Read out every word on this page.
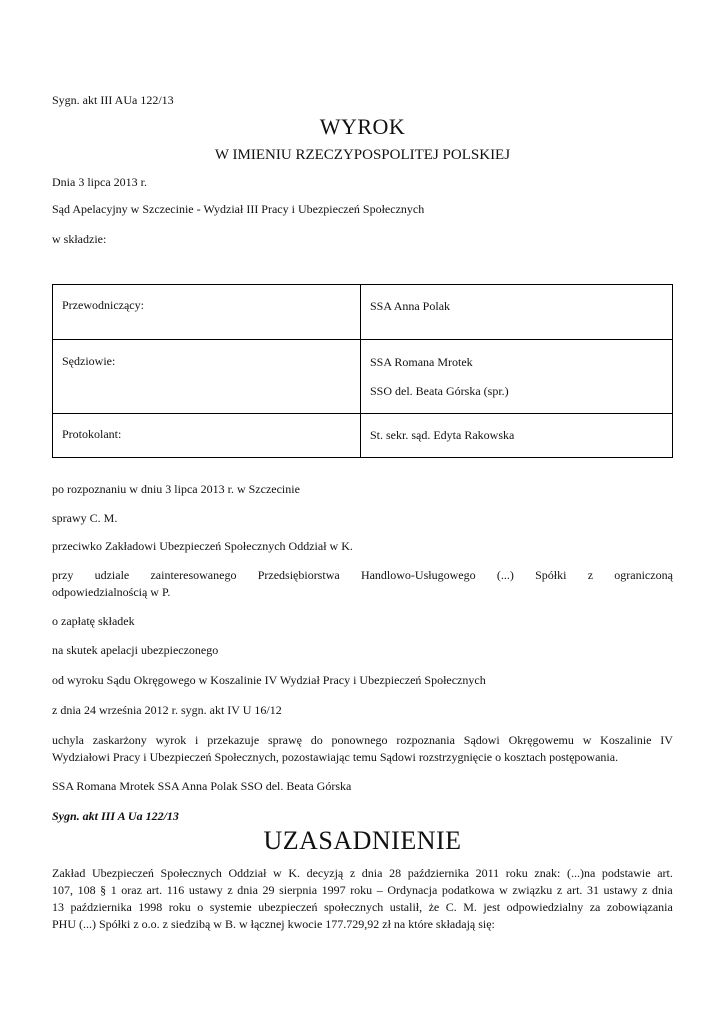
Sygn. akt III AUa 122/13

WYROK
W IMIENIU RZECZYPOSPOLITEJ POLSKIEJ

Dnia 3 lipca 2013 r.

Sąd Apelacyjny w Szczecinie - Wydział III Pracy i Ubezpieczeń Społecznych

w składzie:

Przewodniczący:	SSA Anna Polak

Sędziowie:	SSA Romana Mrotek
SSO del. Beata Górska (spr.)

Protokolant:	St. sekr. sąd. Edyta Rakowska

po rozpoznaniu w dniu 3 lipca 2013 r. w Szczecinie

sprawy C. M.

przeciwko Zakładowi Ubezpieczeń Społecznych Oddział w K.

przy udziale zainteresowanego Przedsiębiorstwa Handlowo-Usługowego (...) Spółki z ograniczoną

odpowiedzialnością w P.

o zapłatę składek

na skutek apelacji ubezpieczonego

od wyroku Sądu Okręgowego w Koszalinie IV Wydział Pracy i Ubezpieczeń Społecznych

z dnia 24 września 2012 r. sygn. akt IV U 16/12

uchyla zaskarżony wyrok i przekazuje sprawę do ponownego rozpoznania Sądowi Okręgowemu w Koszalinie IV

Wydziałowi Pracy i Ubezpieczeń Społecznych, pozostawiając temu Sądowi rozstrzygnięcie o kosztach postępowania.

SSA Romana Mrotek SSA Anna Polak SSO del. Beata Górska

Sygn. akt III A Ua 122/13

UZASADNIENIE
Zakład Ubezpieczeń Społecznych Oddział w K. decyzją z dnia 28 października 2011 roku znak: (...)na podstawie art.
107, 108 § 1 oraz art. 116 ustawy z dnia 29 sierpnia 1997 roku – Ordynacja podatkowa w związku z art. 31 ustawy z dnia
13 października 1998 roku o systemie ubezpieczeń społecznych ustalił, że C. M. jest odpowiedzialny za zobowiązania
PHU (...) Spółki z o.o. z siedzibą w B. w łącznej kwocie 177.729,92 zł na które składają się:
